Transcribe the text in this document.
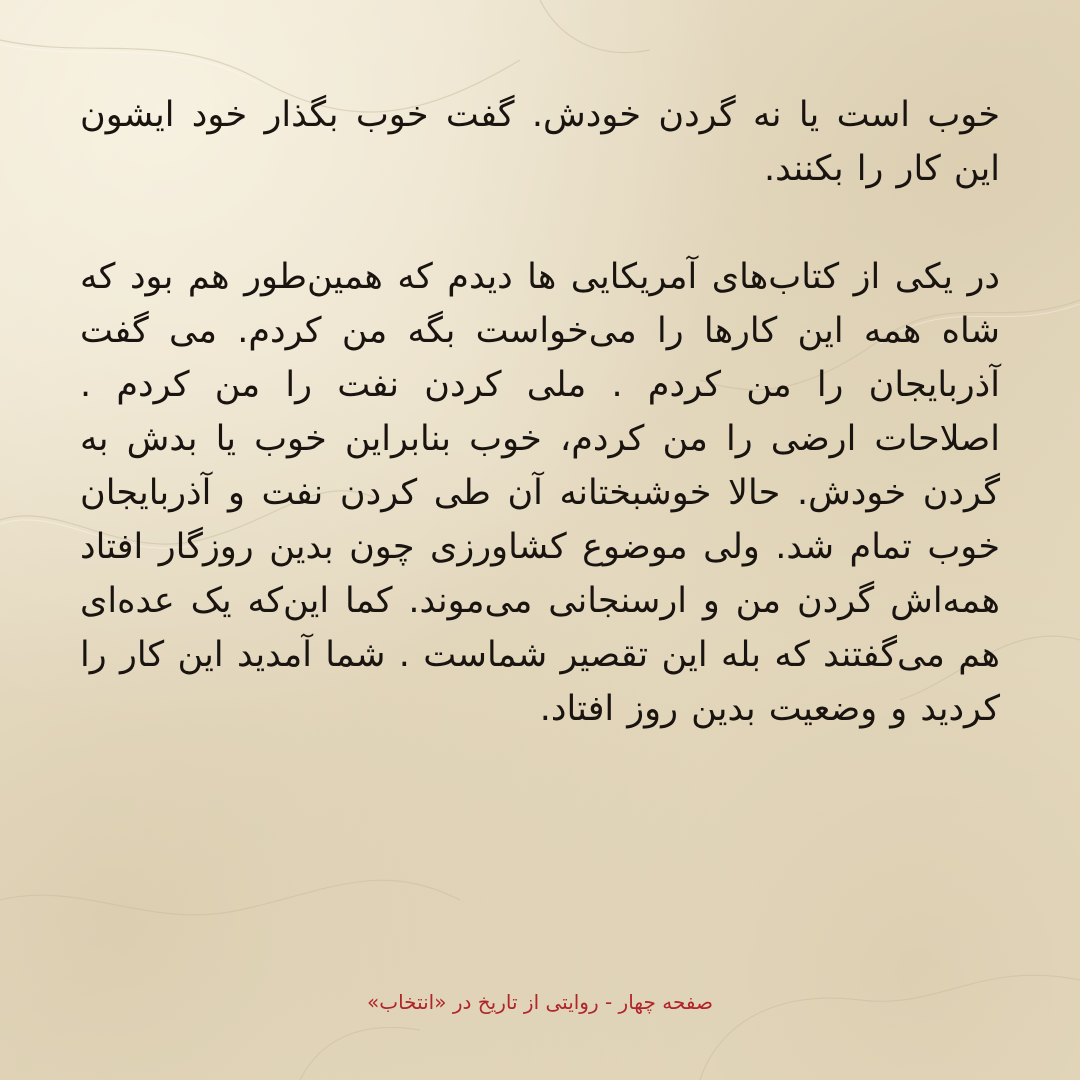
خوب است یا نه گردن خودش. گفت خوب بگذار خود ایشون این کار را بکنند.

در یکی از کتاب‌های آمریکایی ها دیدم که همین‌طور هم بود که شاه همه این کارها را می‌خواست بگه من کردم. می گفت آذربایجان را من کردم . ملی کردن نفت را من کردم . اصلاحات ارضی را من کردم، خوب بنابراین خوب یا بدش به گردن خودش. حالا خوشبختانه آن طی کردن نفت و آذربایجان خوب تمام شد. ولی موضوع کشاورزی چون بدین روزگار افتاد همه‌اش گردن من و ارسنجانی می‌موند. کما این‌که یک عده‌ای هم می‌گفتند که بله این تقصیر شماست . شما آمدید این کار را کردید و وضعیت بدین روز افتاد.

صفحه چهار - روایتی از تاریخ در «انتخاب»
